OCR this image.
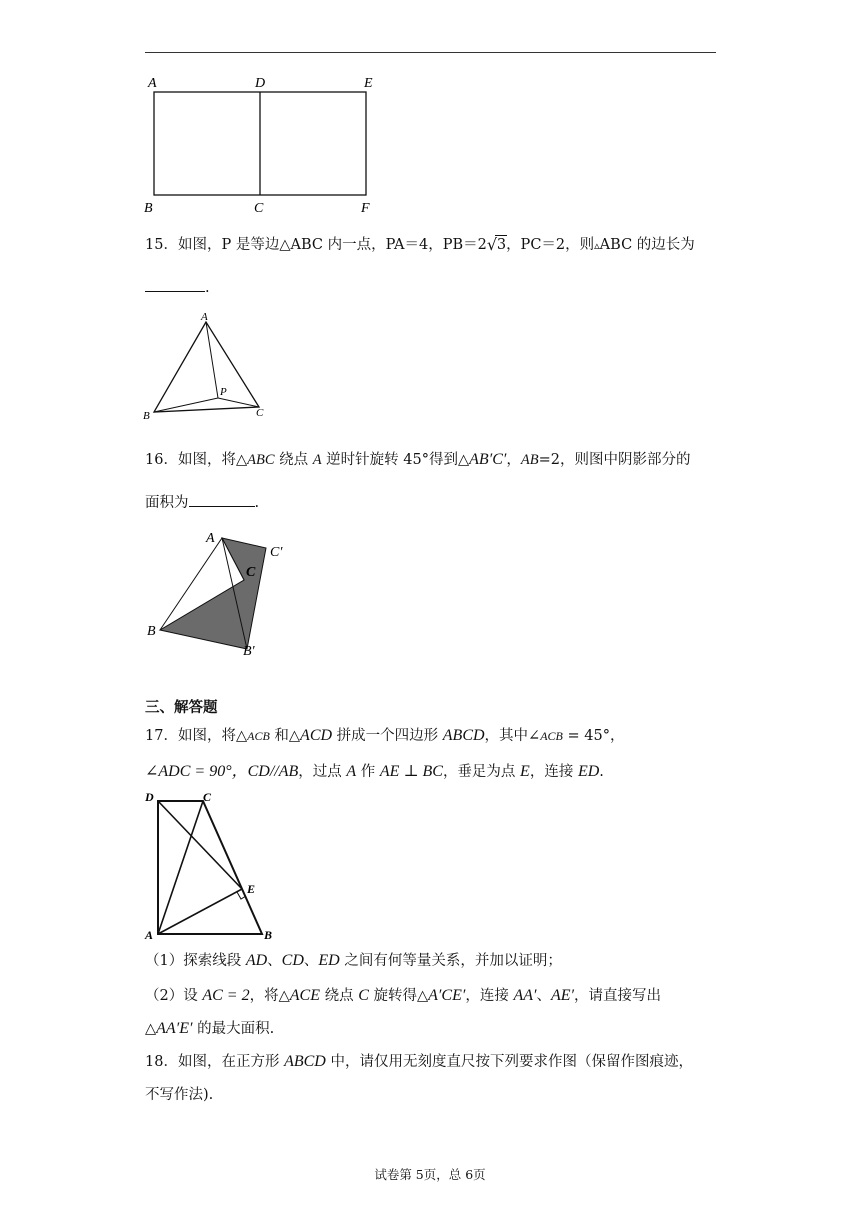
A	D	E
B	C	F
15．如图，P 是等边△ABC 内一点，PA＝4，PB＝2 √ 3，PC＝2，则▵ABC 的边长为
.
A
P
B	C
16．如图，将△ABC 绕点 A 逆时针旋转 45°得到△AB′C′，AB=2，则图中阴影部分的
面积为	.
A
C
C′
B
B′
三、解答题
17．如图，将△ACB 和△ACD 拼成一个四边形 ABCD，其中∠ACB = 45°，
∠ADC = 90°，CD//AB，过点 A 作 AE ⊥ BC，垂足为点 E，连接 ED.
D	C
E
A	B
（1）探索线段 AD、CD、ED 之间有何等量关系，并加以证明；
（2）设 AC = 2，将△ACE 绕点 C 旋转得△A′CE′，连接 AA′、AE′，请直接写出
△AA′E′ 的最大面积.
18．如图，在正方形 ABCD 中，请仅用无刻度直尺按下列要求作图（保留作图痕迹，
不写作法).
试卷第 5页，总 6页
